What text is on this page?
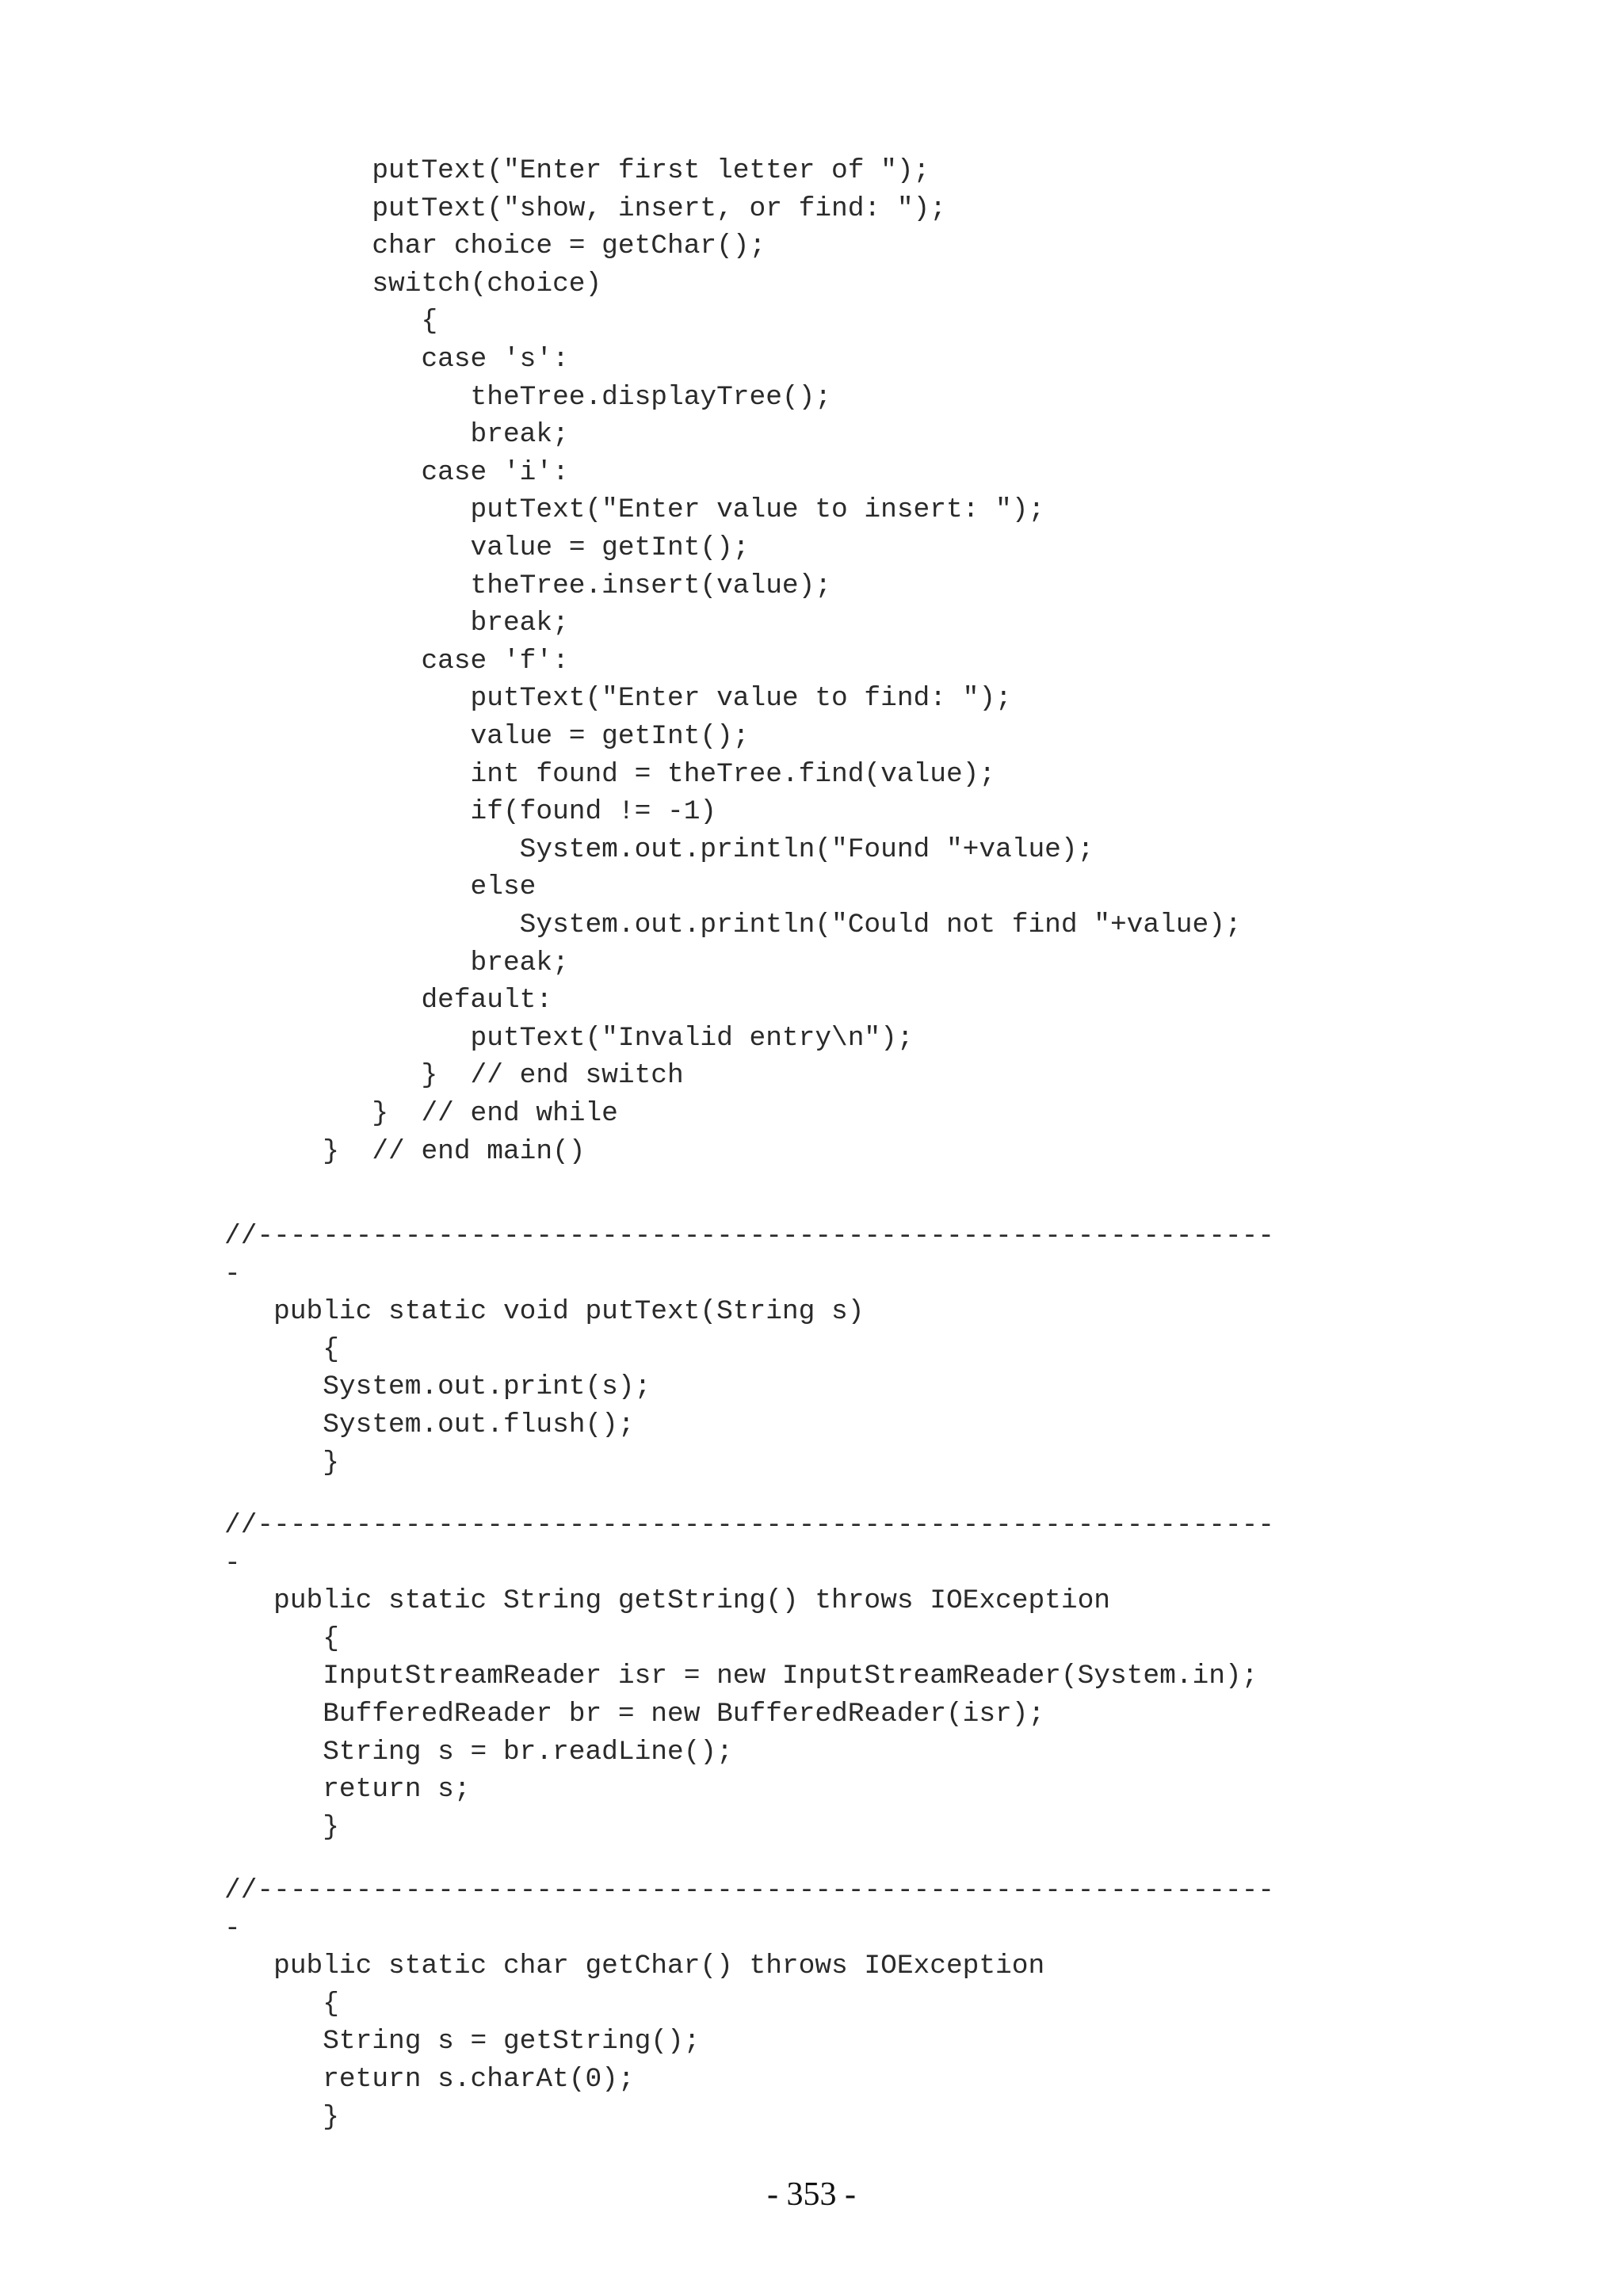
putText("Enter first letter of ");
putText("show, insert, or find: ");
char choice = getChar();
switch(choice)
{
case 's':
theTree.displayTree();
break;
case 'i':
putText("Enter value to insert: ");
value = getInt();
theTree.insert(value);
break;
case 'f':
putText("Enter value to find: ");
value = getInt();
int found = theTree.find(value);
if(found != -1)
System.out.println("Found "+value);
else
System.out.println("Could not find "+value);
break;
default:
putText("Invalid entry\n");
}  // end switch
}  // end while
}  // end main()
//--------------------------------------------------------------
-
public static void putText(String s)
{
System.out.print(s);
System.out.flush();
}
//--------------------------------------------------------------
-
public static String getString() throws IOException
{
InputStreamReader isr = new InputStreamReader(System.in);
BufferedReader br = new BufferedReader(isr);
String s = br.readLine();
return s;
}
//--------------------------------------------------------------
-
public static char getChar() throws IOException
{
String s = getString();
return s.charAt(0);
}
- 353 -
